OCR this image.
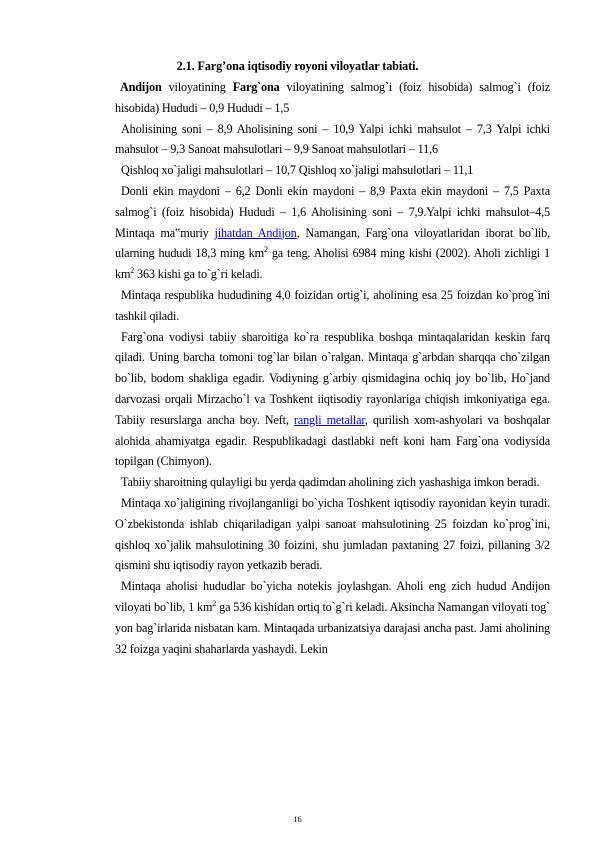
2.1. Farg’ona iqtisodiy royoni viloyatlar tabiati.

Andijon viloyatining Farg`ona viloyatining salmog`i (foiz hisobida) salmog`i (foiz hisobida) Hududi – 0,9 Hududi – 1,5

Aholisining soni – 8,9 Aholisining soni – 10,9 Yalpi ichki mahsulot – 7,3 Yalpi ichki mahsulot – 9,3 Sanoat mahsulotlari – 9,9 Sanoat mahsulotlari – 11,6

Qishloq xo`jaligi mahsulotlari – 10,7 Qishloq xo`jaligi mahsulotlari – 11,1

Donli ekin maydoni – 6,2 Donli ekin maydoni – 8,9 Paxta ekin maydoni – 7,5 Paxta salmog`i (foiz hisobida) Hududi – 1,6 Aholisining soni – 7,9.Yalpi ichki mahsulot–4,5 Mintaqa ma‟muriy jihatdan Andijon, Namangan, Farg`ona viloyatlaridan iborat bo`lib, ularning hududi 18,3 ming $km^2$ ga teng. Aholisi 6984 ming kishi (2002). Aholi zichligi 1 $km^2$ 363 kishi ga to`g`ri keladi.

Mintaqa respublika hududining 4,0 foizidan ortig`i, aholining esa 25 foizdan ko`prog`ini tashkil qiladi.

Farg`ona vodiysi tabiiy sharoitiga ko`ra respublika boshqa mintaqalaridan keskin farq qiladi. Uning barcha tomoni tog`lar bilan o`ralgan. Mintaqa g`arbdan sharqqa cho`zilgan bo`lib, bodom shakliga egadir. Vodiyning g`arbiy qismidagina ochiq joy bo`lib, Ho`jand darvozasi orqali Mirzacho`l va Toshkent iiqtisodiy rayonlariga chiqish imkoniyatiga ega. Tabiiy resurslarga ancha boy. Neft, rangli metallar, qurilish xom-ashyolari va boshqalar alohida ahamiyatga egadir. Respublikadagi dastlabki neft koni ham Farg`ona vodiysida topilgan (Chimyon).

Tabiiy sharoitning qulayligi bu yerda qadimdan aholining zich yashashiga imkon beradi.

Mintaqa xo`jaligining rivojlanganligi bo`yicha Toshkent iqtisodiy rayonidan keyin turadi. O`zbekistonda ishlab chiqariladigan yalpi sanoat mahsulotining 25 foizdan ko`prog`ini, qishloq xo`jalik mahsulotining 30 foizini, shu jumladan paxtaning 27 foizi, pillaning 3/2 qismini shu iqtisodiy rayon yetkazib beradi.

Mintaqa aholisi hududlar bo`yicha notekis joylashgan. Aholi eng zich hudud Andijon viloyati bo`lib, 1 $km^2$ ga 536 kishidan ortiq to`g`ri keladi. Aksincha Namangan viloyati tog` yon bag`irlarida nisbatan kam. Mintaqada urbanizatsiya darajasi ancha past. Jami aholining 32 foizga yaqini shaharlarda yashaydi. Lekin

16
